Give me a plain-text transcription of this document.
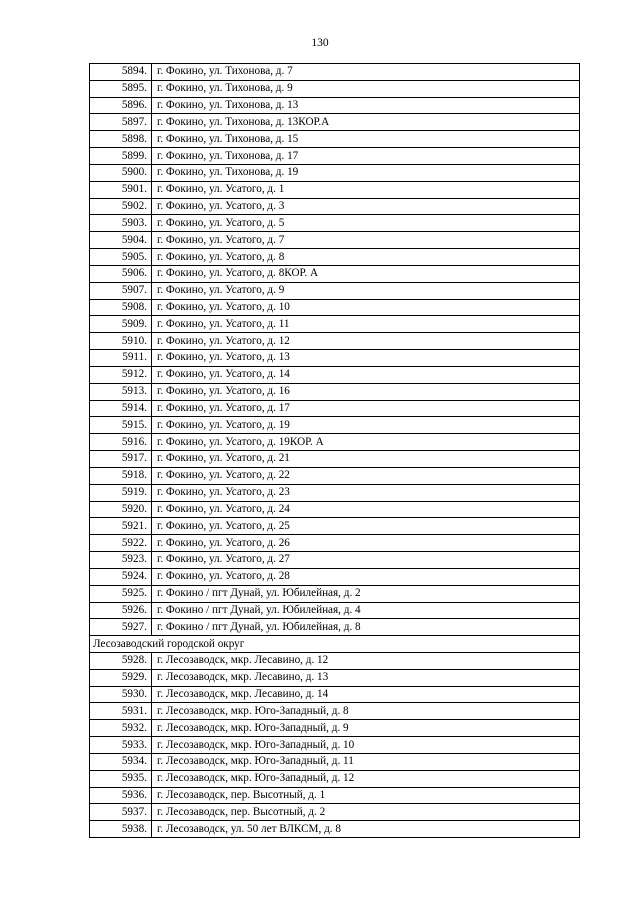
130
5894.	г. Фокино, ул. Тихонова, д. 7
5895.	г. Фокино, ул. Тихонова, д. 9
5896.	г. Фокино, ул. Тихонова, д. 13
5897.	г. Фокино, ул. Тихонова, д. 13КОР.А
5898.	г. Фокино, ул. Тихонова, д. 15
5899.	г. Фокино, ул. Тихонова, д. 17
5900.	г. Фокино, ул. Тихонова, д. 19
5901.	г. Фокино, ул. Усатого, д. 1
5902.	г. Фокино, ул. Усатого, д. 3
5903.	г. Фокино, ул. Усатого, д. 5
5904.	г. Фокино, ул. Усатого, д. 7
5905.	г. Фокино, ул. Усатого, д. 8
5906.	г. Фокино, ул. Усатого, д. 8КОР. А
5907.	г. Фокино, ул. Усатого, д. 9
5908.	г. Фокино, ул. Усатого, д. 10
5909.	г. Фокино, ул. Усатого, д. 11
5910.	г. Фокино, ул. Усатого, д. 12
5911.	г. Фокино, ул. Усатого, д. 13
5912.	г. Фокино, ул. Усатого, д. 14
5913.	г. Фокино, ул. Усатого, д. 16
5914.	г. Фокино, ул. Усатого, д. 17
5915.	г. Фокино, ул. Усатого, д. 19
5916.	г. Фокино, ул. Усатого, д. 19КОР. А
5917.	г. Фокино, ул. Усатого, д. 21
5918.	г. Фокино, ул. Усатого, д. 22
5919.	г. Фокино, ул. Усатого, д. 23
5920.	г. Фокино, ул. Усатого, д. 24
5921.	г. Фокино, ул. Усатого, д. 25
5922.	г. Фокино, ул. Усатого, д. 26
5923.	г. Фокино, ул. Усатого, д. 27
5924.	г. Фокино, ул. Усатого, д. 28
5925.	г. Фокино / пгт Дунай, ул. Юбилейная, д. 2
5926.	г. Фокино / пгт Дунай, ул. Юбилейная, д. 4
5927.	г. Фокино / пгт Дунай, ул. Юбилейная, д. 8
Лесозаводский городской округ	
5928.	г. Лесозаводск, мкр. Лесавино, д. 12
5929.	г. Лесозаводск, мкр. Лесавино, д. 13
5930.	г. Лесозаводск, мкр. Лесавино, д. 14
5931.	г. Лесозаводск, мкр. Юго-Западный, д. 8
5932.	г. Лесозаводск, мкр. Юго-Западный, д. 9
5933.	г. Лесозаводск, мкр. Юго-Западный, д. 10
5934.	г. Лесозаводск, мкр. Юго-Западный, д. 11
5935.	г. Лесозаводск, мкр. Юго-Западный, д. 12
5936.	г. Лесозаводск, пер. Высотный, д. 1
5937.	г. Лесозаводск, пер. Высотный, д. 2
5938.	г. Лесозаводск, ул. 50 лет ВЛКСМ, д. 8
